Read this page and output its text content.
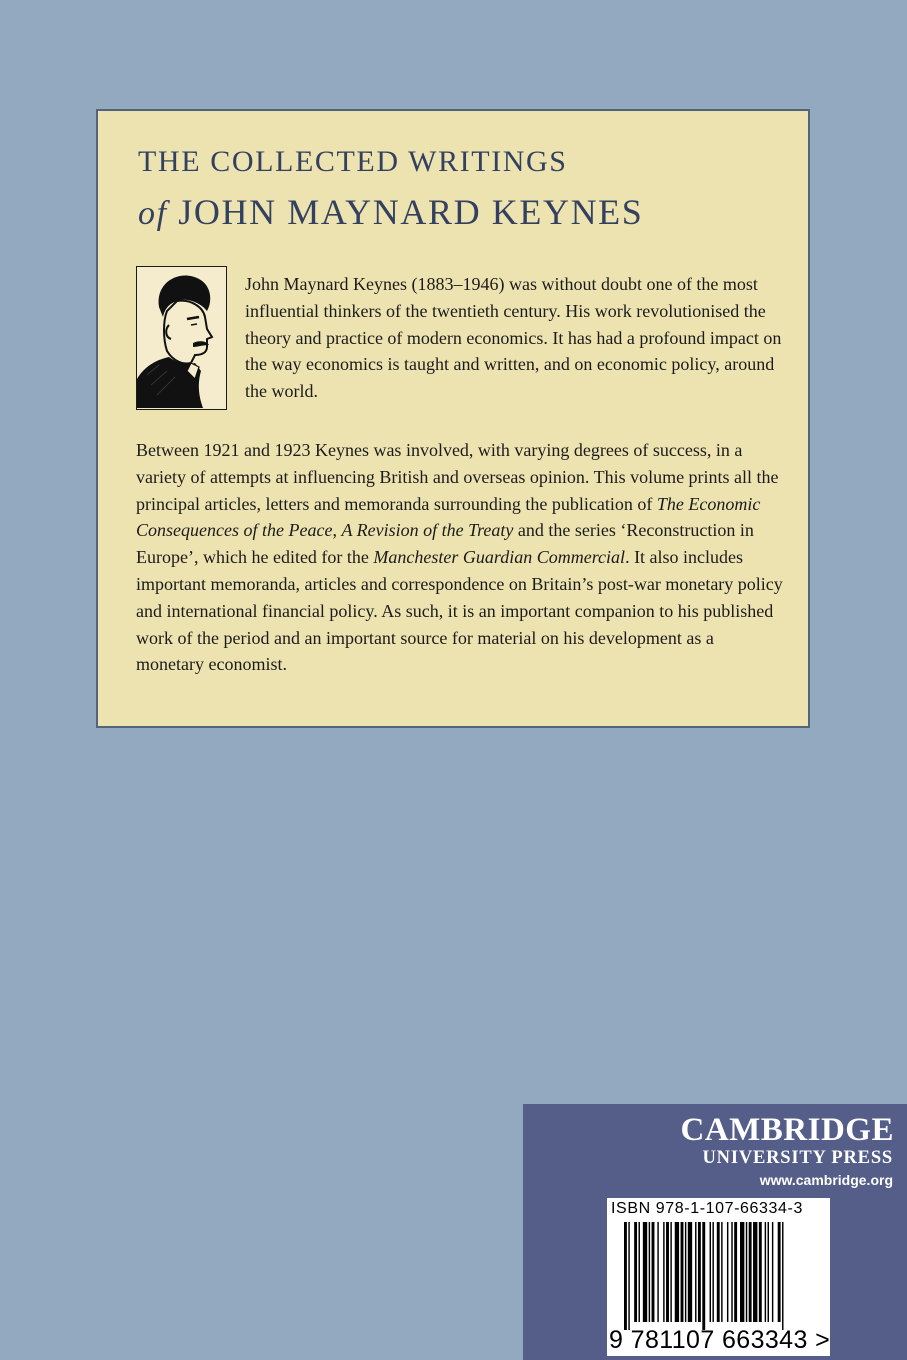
THE COLLECTED WRITINGS
of JOHN MAYNARD KEYNES
John Maynard Keynes (1883–1946) was without doubt one of the most influential thinkers of the twentieth century. His work revolutionised the theory and practice of modern economics. It has had a profound impact on the way economics is taught and written, and on economic policy, around the world.
Between 1921 and 1923 Keynes was involved, with varying degrees of success, in a variety of attempts at influencing British and overseas opinion. This volume prints all the principal articles, letters and memoranda surrounding the publication of The Economic Consequences of the Peace, A Revision of the Treaty and the series ‘Reconstruction in Europe’, which he edited for the Manchester Guardian Commercial. It also includes important memoranda, articles and correspondence on Britain’s post-war monetary policy and international financial policy. As such, it is an important companion to his published work of the period and an important source for material on his development as a monetary economist.
CAMBRIDGE
UNIVERSITY PRESS
www.cambridge.org
ISBN 978-1-107-66334-3
9 781107 663343 >
